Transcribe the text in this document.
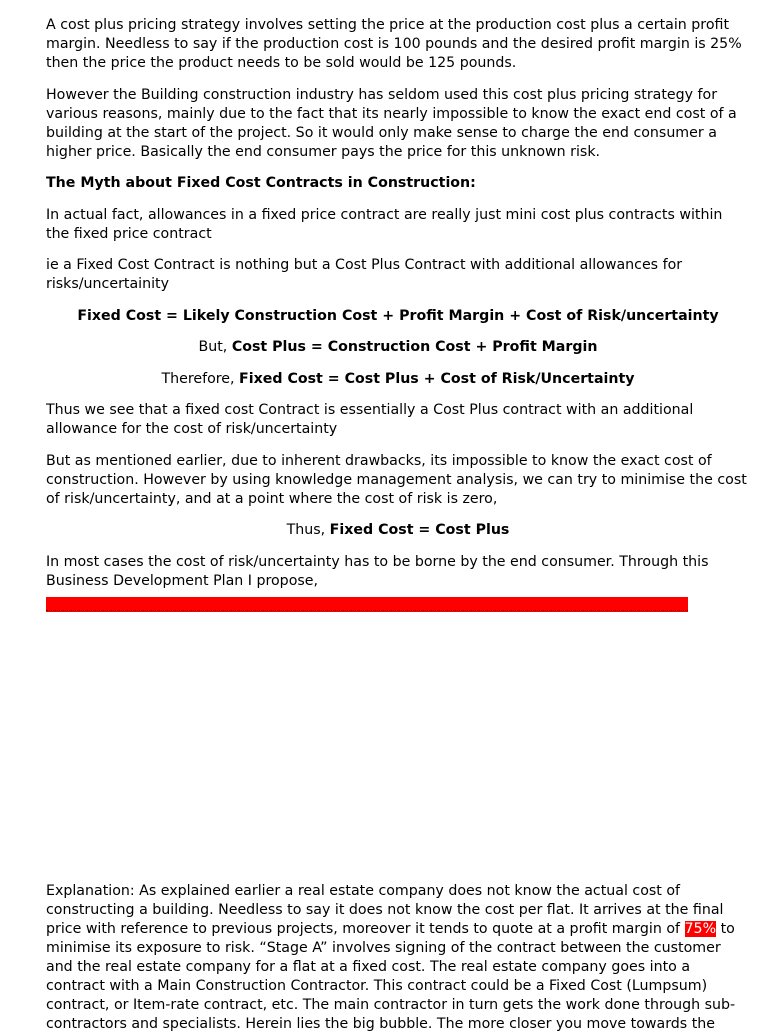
A cost plus pricing strategy involves setting the price at the production cost plus a certain profit margin. Needless to say if the production cost is 100 pounds and the desired profit margin is 25% then the price the product needs to be sold would be 125 pounds.

However the Building construction industry has seldom used this cost plus pricing strategy for various reasons, mainly due to the fact that its nearly impossible to know the exact end cost of a building at the start of the project. So it would only make sense to charge the end consumer a higher price. Basically the end consumer pays the price for this unknown risk.

The Myth about Fixed Cost Contracts in Construction:

In actual fact, allowances in a fixed price contract are really just mini cost plus contracts within the fixed price contract

ie a Fixed Cost Contract is nothing but a Cost Plus Contract with additional allowances for risks/uncertainity

Fixed Cost = Likely Construction Cost + Profit Margin + Cost of Risk/uncertainty

But, Cost Plus = Construction Cost + Profit Margin

Therefore, Fixed Cost = Cost Plus + Cost of Risk/Uncertainty

Thus we see that a fixed cost Contract is essentially a Cost Plus contract with an additional allowance for the cost of risk/uncertainty

But as mentioned earlier, due to inherent drawbacks, its impossible to know the exact cost of construction. However by using knowledge management analysis, we can try to minimise the cost of risk/uncertainty, and at a point where the cost of risk is zero,

Thus, Fixed Cost = Cost Plus

In most cases the cost of risk/uncertainty has to be borne by the end consumer. Through this Business Development Plan I propose,

Explanation: As explained earlier a real estate company does not know the actual cost of constructing a building. Needless to say it does not know the cost per flat. It arrives at the final price with reference to previous projects, moreover it tends to quote at a profit margin of 75% to minimise its exposure to risk. “Stage A” involves signing of the contract between the customer and the real estate company for a flat at a fixed cost. The real estate company goes into a contract with a Main Construction Contractor. This contract could be a Fixed Cost (Lumpsum) contract, or Item-rate contract, etc. The main contractor in turn gets the work done through sub-contractors and specialists. Herein lies the big bubble. The more closer you move towards the
